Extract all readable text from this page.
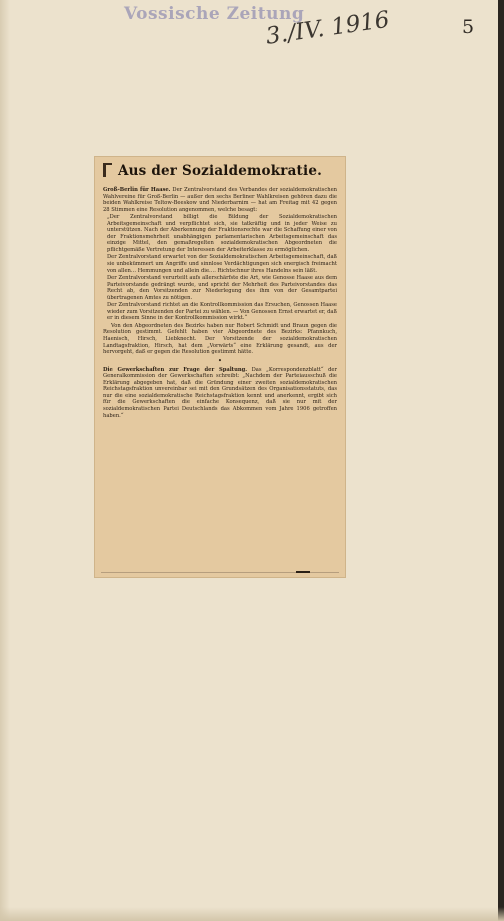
Vossische Zeitung
3./IV. 1916	5
Aus der Sozialdemokratie.

Groß-Berlin für Haase. Der Zentralvorstand des Verbandes der sozialdemokratischen Wahlvereine für Groß-Berlin — außer den sechs Berliner Wahlkreisen gehören dazu die beiden Wahlkreise Teltow-Beeskow und Niederbarnim — hat am Freitag mit 42 gegen 28 Stimmen eine Resolution angenommen, welche besagt:

„Der Zentralvorstand billigt die Bildung der Sozialdemokratischen Arbeitsgemeinschaft und verpflichtet sich, sie tatkräftig und in jeder Weise zu unterstützen. Nach der Aberkennung der Fraktionsrechte war die Schaffung einer von der Fraktionsmehrheit unabhängigen parlamentarischen Arbeitsgemeinschaft das einzige Mittel, den gemaßregelten sozialdemokratischen Abgeordneten die pflichtgemäße Vertretung der Interessen der Arbeiterklasse zu ermöglichen.

Der Zentralvorstand erwartet von der Sozialdemokratischen Arbeitsgemeinschaft, daß sie unbekümmert um Angriffe und sinnlose Verdächtigungen sich energisch freimacht von allen… Hemmungen und allein die…. Richtschnur ihres Handelns sein läßt.

Der Zentralvorstand verurteilt aufs allerschärfste die Art, wie Genosse Haase aus dem Parteivorstande gedrängt wurde, und spricht der Mehrheit des Parteivorstandes das Recht ab, den Vorsitzenden zur Niederlegung des ihm von der Gesamtpartei übertragenen Amtes zu nötigen.

Der Zentralvorstand richtet an die Kontrollkommission das Ersuchen, Genossen Haase wieder zum Vorsitzenden der Partei zu wählen. — Von Genossen Ernst erwartet er, daß er in diesem Sinne in der Kontrollkommission wirkt.“

Von den Abgeordneten des Bezirks haben nur Robert Schmidt und Braun gegen die Resolution gestimmt. Gefehlt haben vier Abgeordnete des Bezirks: Pfannkuch, Haenisch, Hirsch, Liebknecht. Der Vorsitzende der sozialdemokratischen Landtagsfraktion, Hirsch, hat dem „Vorwärts“ eine Erklärung gesandt, aus der hervorgeht, daß er gegen die Resolution gestimmt hätte.

•

Die Gewerkschaften zur Frage der Spaltung. Das „Korrespondenzblatt“ der Generalkommission der Gewerkschaften schreibt: „Nachdem der Parteiausschuß die Erklärung abgegeben hat, daß die Gründung einer zweiten sozialdemokratischen Reichstagsfraktion unvereinbar sei mit den Grundsätzen des Organisationsstatuts, das nur die eine sozialdemokratische Reichstagsfraktion kennt und anerkennt, ergibt sich für die Gewerkschaften die einfache Konsequenz, daß sie nur mit der sozialdemokratischen Partei Deutschlands das Abkommen vom Jahre 1906 getroffen haben.“
